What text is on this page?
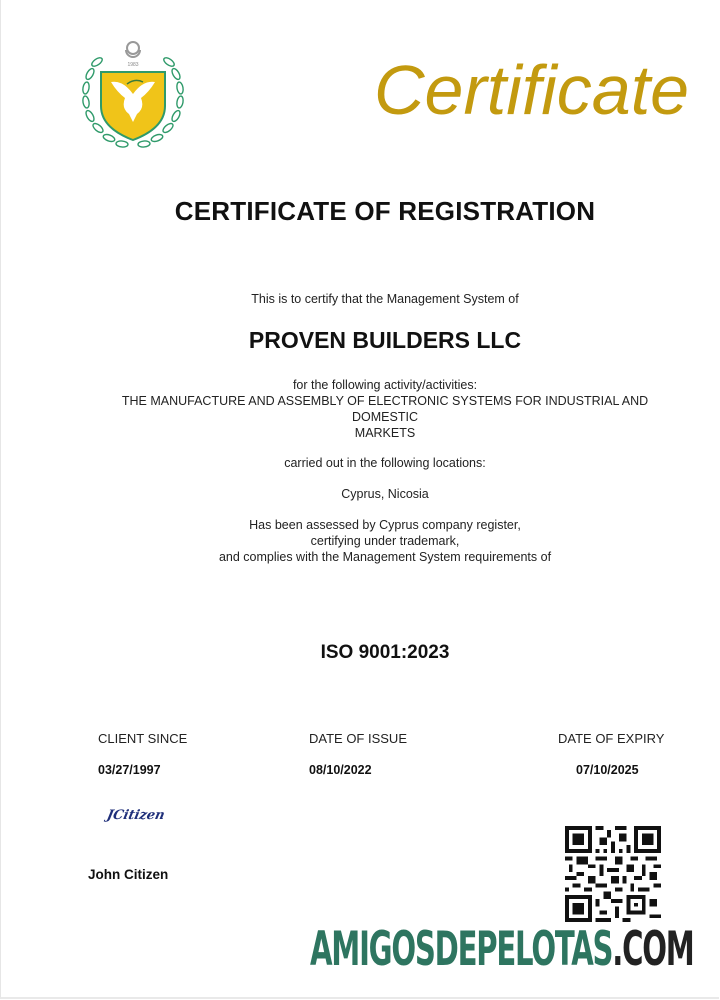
1983	Certificate
CERTIFICATE OF REGISTRATION
This is to certify that the Management System of
PROVEN BUILDERS LLC
for the following activity/activities:
THE MANUFACTURE AND ASSEMBLY OF ELECTRONIC SYSTEMS FOR INDUSTRIAL AND
DOMESTIC
MARKETS
carried out in the following locations:
Cyprus, Nicosia
Has been assessed by Cyprus company register,
certifying under trademark,
and complies with the Management System requirements of
ISO 9001:2023
CLIENT SINCE	DATE OF ISSUE	DATE OF EXPIRY
03/27/1997	08/10/2022	07/10/2025
JCitizen
John Citizen
AMIGOSDEPELOTAS.COM
